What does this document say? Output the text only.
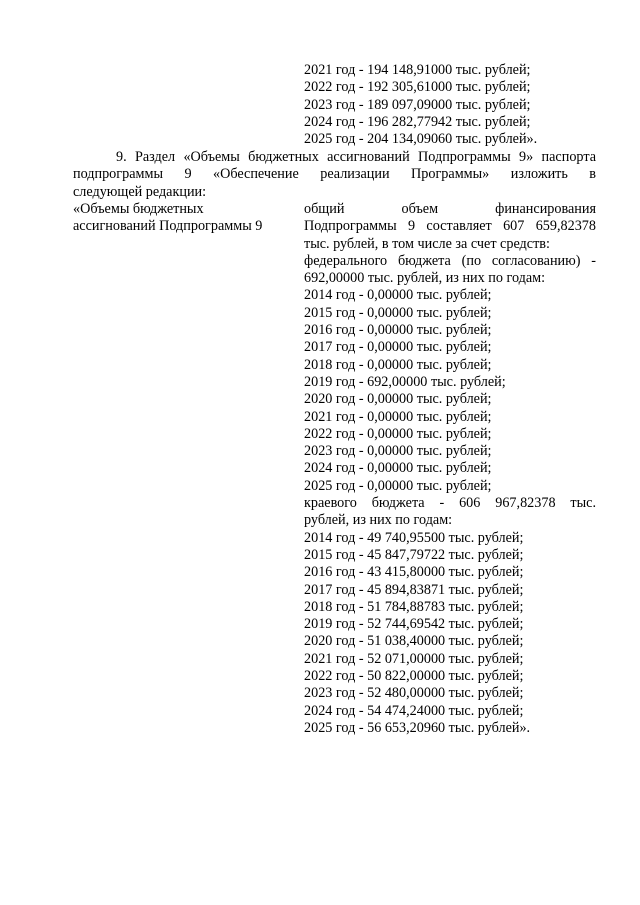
2021 год - 194 148,91000 тыс. рублей;
2022 год - 192 305,61000 тыс. рублей;
2023 год - 189 097,09000 тыс. рублей;
2024 год - 196 282,77942 тыс. рублей;
2025 год - 204 134,09060 тыс. рублей».
9. Раздел «Объемы бюджетных ассигнований Подпрограммы 9» паспорта
подпрограммы 9 «Обеспечение реализации Программы» изложить в
следующей редакции:
«Объемы бюджетных
ассигнований Подпрограммы 9
общий объем финансирования
Подпрограммы 9 составляет 607 659,82378
тыс. рублей, в том числе за счет средств:
федерального бюджета (по согласованию) -
692,00000 тыс. рублей, из них по годам:
2014 год - 0,00000 тыс. рублей;
2015 год - 0,00000 тыс. рублей;
2016 год - 0,00000 тыс. рублей;
2017 год - 0,00000 тыс. рублей;
2018 год - 0,00000 тыс. рублей;
2019 год - 692,00000 тыс. рублей;
2020 год - 0,00000 тыс. рублей;
2021 год - 0,00000 тыс. рублей;
2022 год - 0,00000 тыс. рублей;
2023 год - 0,00000 тыс. рублей;
2024 год - 0,00000 тыс. рублей;
2025 год - 0,00000 тыс. рублей;
краевого бюджета - 606 967,82378 тыс.
рублей, из них по годам:
2014 год - 49 740,95500 тыс. рублей;
2015 год - 45 847,79722 тыс. рублей;
2016 год - 43 415,80000 тыс. рублей;
2017 год - 45 894,83871 тыс. рублей;
2018 год - 51 784,88783 тыс. рублей;
2019 год - 52 744,69542 тыс. рублей;
2020 год - 51 038,40000 тыс. рублей;
2021 год - 52 071,00000 тыс. рублей;
2022 год - 50 822,00000 тыс. рублей;
2023 год - 52 480,00000 тыс. рублей;
2024 год - 54 474,24000 тыс. рублей;
2025 год - 56 653,20960 тыс. рублей».
